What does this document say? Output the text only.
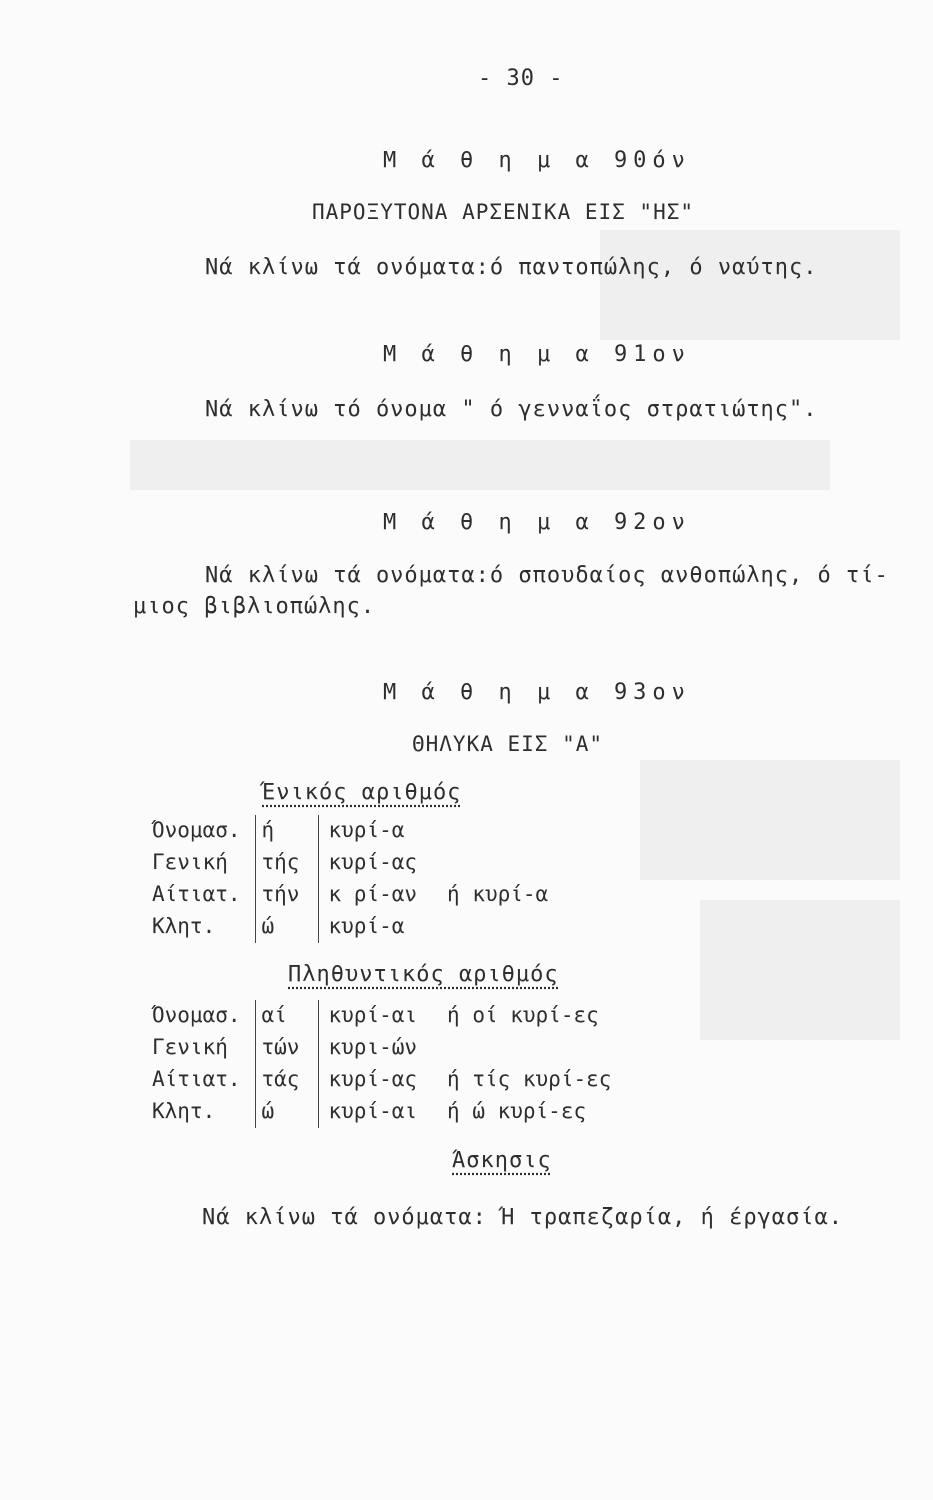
- 30 -
Μ ά θ η μ α 90όν
ΠΑΡΟΞΥΤΟΝΑ ΑΡΣΕΝΙΚΑ ΕΙΣ "ΗΣ"
Νά κλίνω τά ονόματα:ό παντοπώλης, ό ναύτης.
Μ ά θ η μ α 91ον
Νά κλίνω τό όνομα " ό γενναΐος στρατιώτης".
Μ ά θ η μ α 92ον
Νά κλίνω τά ονόματα:ό σπουδαίος ανθοπώλης, ό τί-
μιος βιβλιοπώλης.
Μ ά θ η μ α 93ον
ΘΗΛΥΚΑ ΕΙΣ "Α"
Ένικός αριθμός
Όνομασ.	ή	κυρί-α	
Γενική	τής	κυρί-ας	
Αίτιατ.	τήν	κ ρί-αν	ή κυρί-α
Κλητ.	ώ	κυρί-α	
Πληθυντικός αριθμός
Όνομασ.	αί	κυρί-αι	ή οί κυρί-ες
Γενική	τών	κυρι-ών	
Αίτιατ.	τάς	κυρί-ας	ή τίς κυρί-ες
Κλητ.	ώ	κυρί-αι	ή ώ κυρί-ες
Άσκησις
Νά κλίνω τά ονόματα: Ή τραπεζαρία, ή έργασία.
